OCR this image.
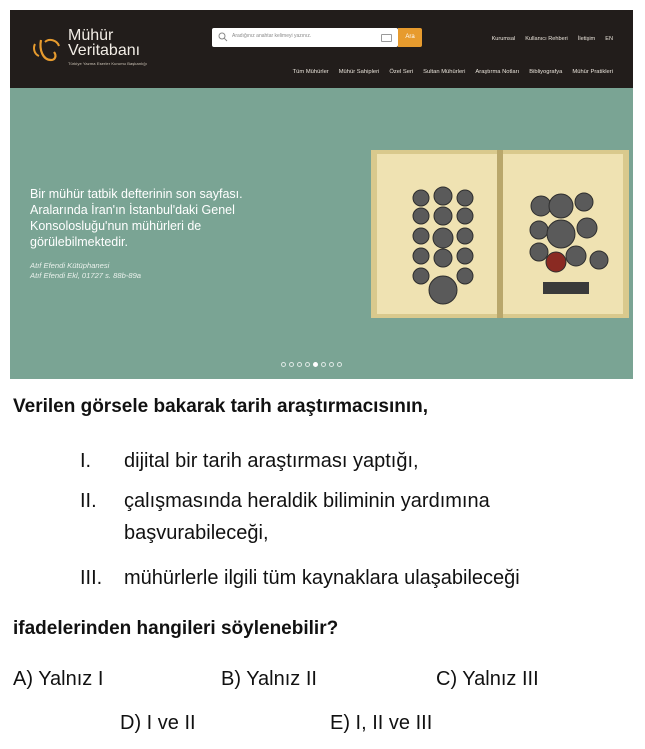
Mühür
Veritabanı
Türkiye Yazma Eserler Kurumu Başkanlığı
Aradığınız anahtar kelimeyi yazınız.	Ara	Kurumsal Kullanıcı Rehberi İletişim EN
Tüm Mühürler Mühür Sahipleri Özel Seri Sultan Mühürleri Araştırma Notları Bibliyografya Mühür Pratikleri
Bir mühür tatbik defterinin son sayfası. Aralarında İran'ın İstanbul'daki Genel Konsolosluğu'nun mühürleri de görülebilmektedir.
Atıf Efendi Kütüphanesi
Atıf Efendi Ekl, 01727 s. 88b-89a
Verilen görsele bakarak tarih araştırmacısının,
I. dijital bir tarih araştırması yaptığı,
II. çalışmasında heraldik biliminin yardımına
başvurabileceği,
III. mühürlerle ilgili tüm kaynaklara ulaşabileceği
ifadelerinden hangileri söylenebilir?
A) Yalnız I	B) Yalnız II	C) Yalnız III
D) I ve II	E) I, II ve III
